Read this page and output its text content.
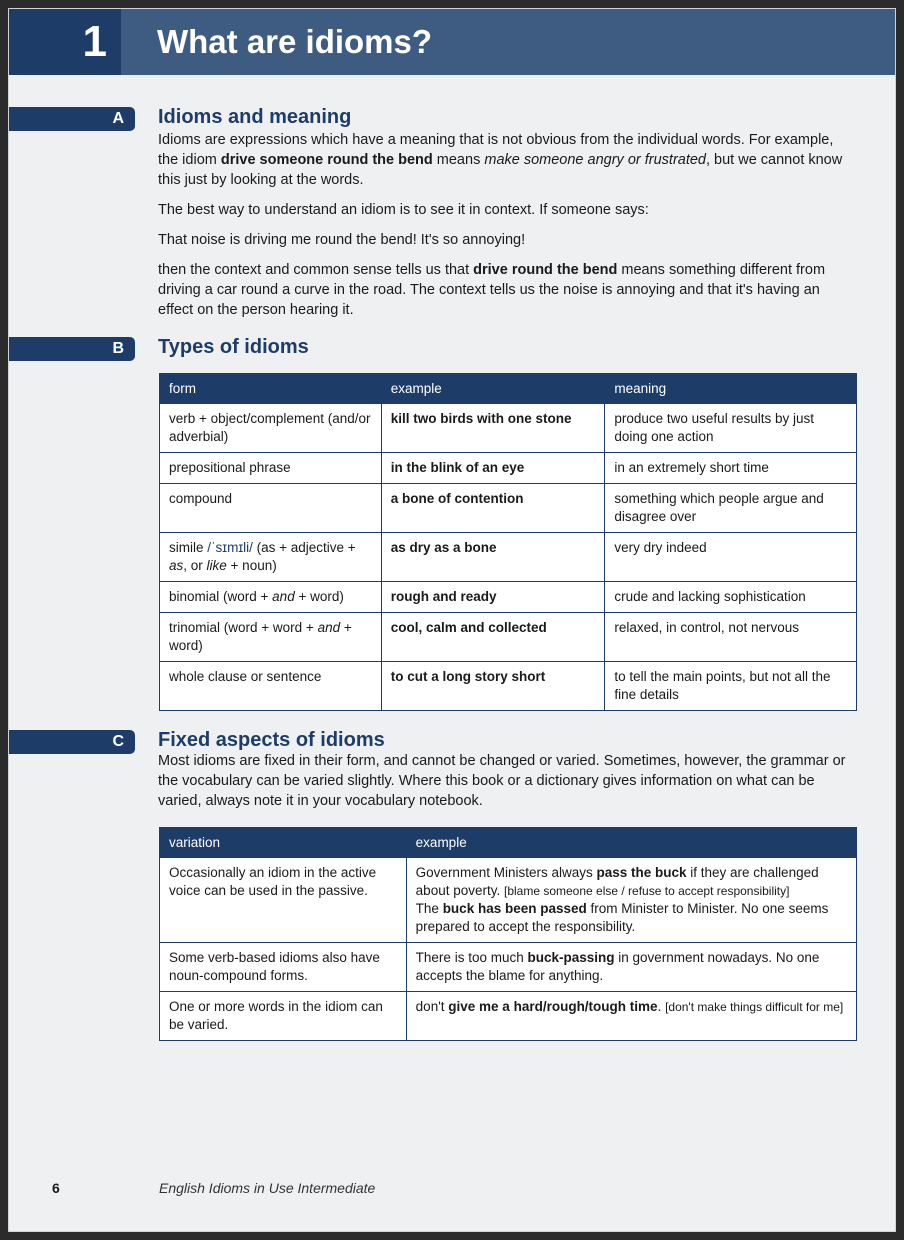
1	What are idioms?
A	Idioms and meaning

Idioms are expressions which have a meaning that is not obvious from the individual words. For example, the idiom drive someone round the bend means make someone angry or frustrated, but we cannot know this just by looking at the words.

The best way to understand an idiom is to see it in context. If someone says:

That noise is driving me round the bend! It's so annoying!

then the context and common sense tells us that drive round the bend means something different from driving a car round a curve in the road. The context tells us the noise is annoying and that it's having an effect on the person hearing it.

B	Types of idioms
form	example	meaning
verb + object/complement (and/or adverbial)	kill two birds with one stone	produce two useful results by just doing one action
prepositional phrase	in the blink of an eye	in an extremely short time
compound	a bone of contention	something which people argue and disagree over
simile /ˈsɪmɪli/ (as + adjective + as, or like + noun)	as dry as a bone	very dry indeed
binomial (word + and + word)	rough and ready	crude and lacking sophistication
trinomial (word + word + and + word)	cool, calm and collected	relaxed, in control, not nervous
whole clause or sentence	to cut a long story short	to tell the main points, but not all the fine details
C	Fixed aspects of idioms
Most idioms are fixed in their form, and cannot be changed or varied. Sometimes, however, the grammar or the vocabulary can be varied slightly. Where this book or a dictionary gives information on what can be varied, always note it in your vocabulary notebook.
variation	example
Occasionally an idiom in the active voice can be used in the passive.	Government Ministers always pass the buck if they are challenged about poverty. [blame someone else / refuse to accept responsibility]
The buck has been passed from Minister to Minister. No one seems prepared to accept the responsibility.
Some verb-based idioms also have noun-compound forms.	There is too much buck-passing in government nowadays. No one accepts the blame for anything.
One or more words in the idiom can be varied.	don't give me a hard/rough/tough time. [don't make things difficult for me]
6	English Idioms in Use Intermediate
